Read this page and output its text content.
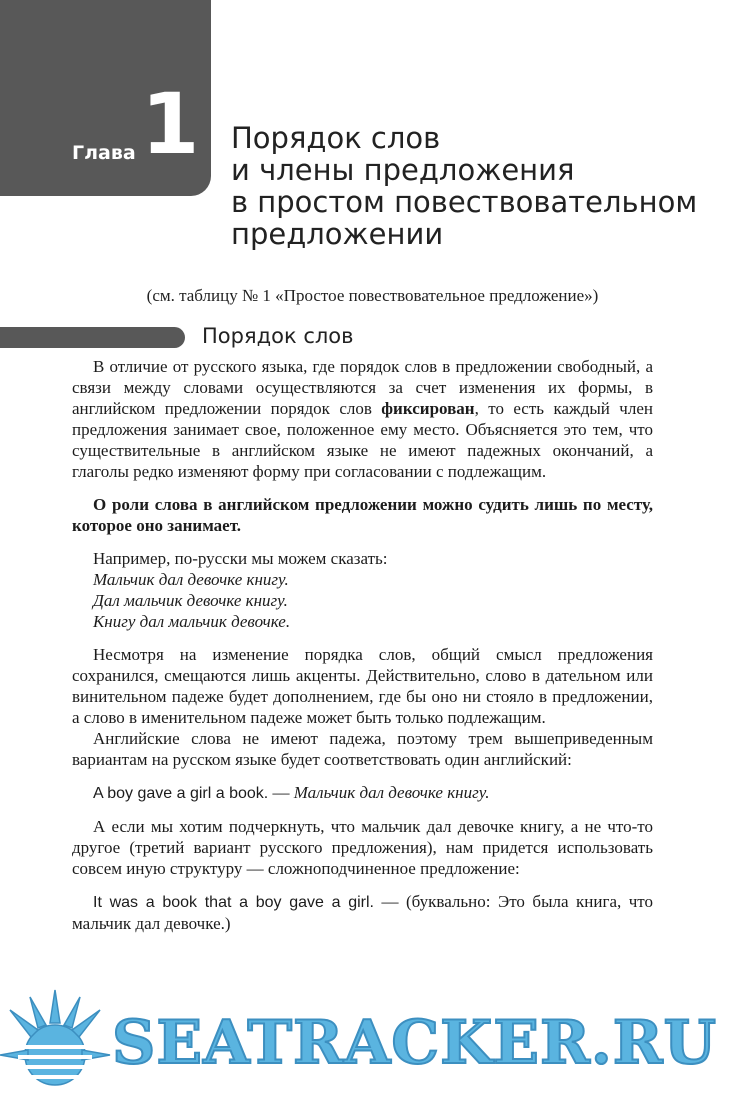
Глава 1 Порядок слов
и члены предложения
в простом повествовательном
предложении
(см. таблицу № 1 «Простое повествовательное предложение»)
Порядок слов

В отличие от русского языка, где порядок слов в предложении свободный, а связи между словами осуществляются за счет изменения их формы, в английском предложении порядок слов фиксирован, то есть каждый член предложения занимает свое, положенное ему место. Объясняется это тем, что существительные в английском языке не имеют падежных окончаний, а глаголы редко изменяют форму при согласовании с подлежащим.

О роли слова в английском предложении можно судить лишь по месту, которое оно занимает.

Например, по-русски мы можем сказать:

Мальчик дал девочке книгу.
Дал мальчик девочке книгу.
Книгу дал мальчик девочке.

Несмотря на изменение порядка слов, общий смысл предложения сохранился, смещаются лишь акценты. Действительно, слово в дательном или винительном падеже будет дополнением, где бы оно ни стояло в предложении, а слово в именительном падеже может быть только подлежащим.

Английские слова не имеют падежа, поэтому трем вышеприведенным вариантам на русском языке будет соответствовать один английский:

A boy gave a girl a book. — Мальчик дал девочке книгу.

А если мы хотим подчеркнуть, что мальчик дал девочке книгу, а не что-то другое (третий вариант русского предложения), нам придется использовать совсем иную структуру — сложноподчиненное предложение:

It was a book that a boy gave a girl. — (буквально: Это была книга, что мальчик дал девочке.)

SEATRACKER.RU
